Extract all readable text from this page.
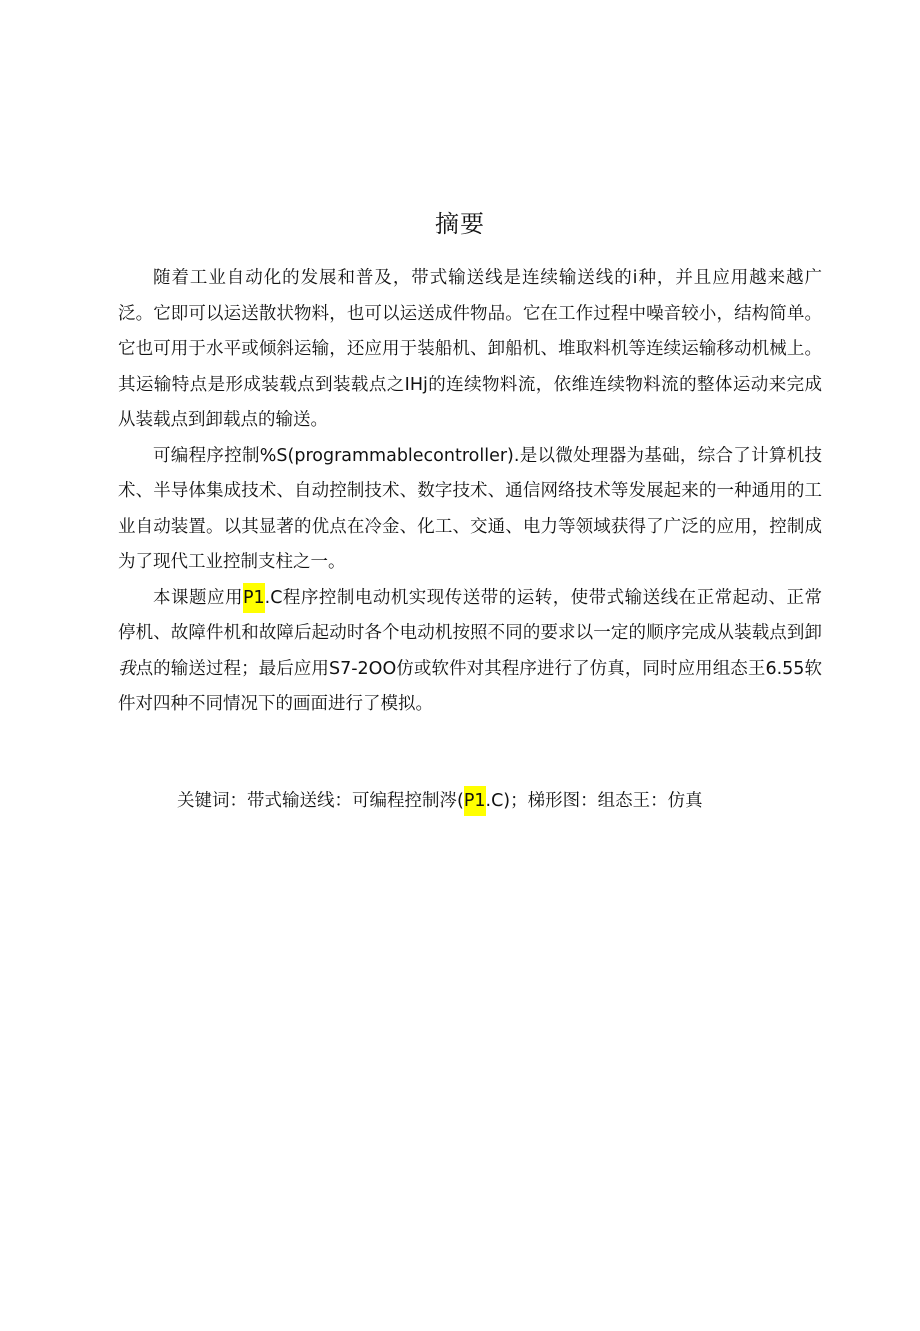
摘要

随着工业自动化的发展和普及，带式输送线是连续输送线的i种，并且应用越来越广泛。它即可以运送散状物料，也可以运送成件物品。它在工作过程中噪音较小，结构简单。它也可用于水平或倾斜运输，还应用于装船机、卸船机、堆取料机等连续运输移动机械上。其运输特点是形成装载点到装载点之IHj的连续物料流，依维连续物料流的整体运动来完成从装载点到卸载点的输送。

可编程序控制%S(programmablecontroller).是以微处理器为基础，综合了计算机技术、半导体集成技术、自动控制技术、数字技术、通信网络技术等发展起来的一种通用的工业自动装置。以其显著的优点在冷金、化工、交通、电力等领域获得了广泛的应用，控制成为了现代工业控制支柱之一。

本课题应用P1.C程序控制电动机实现传送带的运转，使带式输送线在正常起动、正常停机、故障件机和故障后起动时各个电动机按照不同的要求以一定的顺序完成从装载点到卸我点的输送过程；最后应用S7-2OO仿或软件对其程序进行了仿真，同时应用组态王6.55软件对四种不同情况下的画面进行了模拟。

关键词：带式输送线：可编程控制涔(P1.C)；梯形图：组态王：仿真
